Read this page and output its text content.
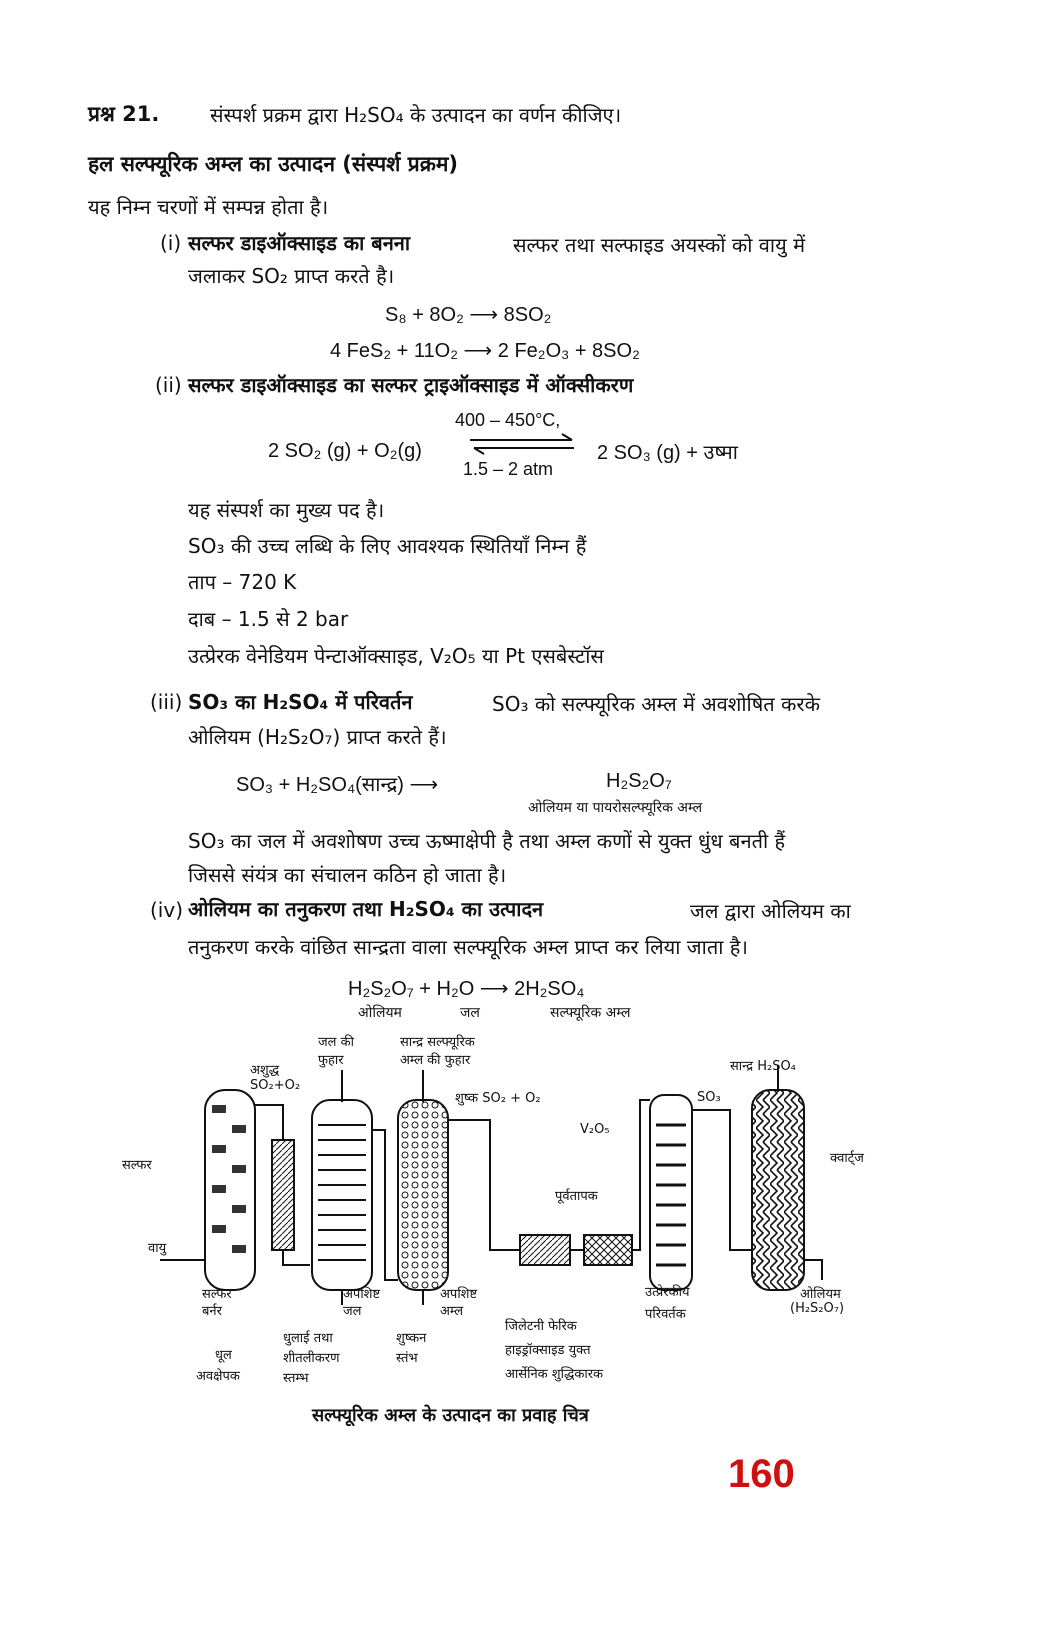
प्रश्न 21.	संस्पर्श प्रक्रम द्वारा H₂SO₄ के उत्पादन का वर्णन कीजिए।
हल सल्फ्यूरिक अम्ल का उत्पादन (संस्पर्श प्रक्रम)
यह निम्न चरणों में सम्पन्न होता है।
(i) सल्फर डाइऑक्साइड का बनना	सल्फर तथा सल्फाइड अयस्कों को वायु में
जलाकर SO₂ प्राप्त करते है।
S₈ + 8O₂ ⟶ 8SO₂
4 FeS₂ + 11O₂ ⟶ 2 Fe₂O₃ + 8SO₂
(ii) सल्फर डाइऑक्साइड का सल्फर ट्राइऑक्साइड में ऑक्सीकरण
2 SO₂ (g) + O₂(g)
400 – 450°C,
1.5 – 2 atm
2 SO₃ (g) + उष्मा
यह संस्पर्श का मुख्य पद है।
SO₃ की उच्च लब्धि के लिए आवश्यक स्थितियाँ निम्न हैं
ताप – 720 K
दाब – 1.5 से 2 bar
उत्प्रेरक वेनेडियम पेन्टाऑक्साइड, V₂O₅ या Pt एसबेस्टॉस
(iii) SO₃ का H₂SO₄ में परिवर्तन	SO₃ को सल्फ्यूरिक अम्ल में अवशोषित करके
ओलियम (H₂S₂O₇) प्राप्त करते हैं।
SO₃ + H₂SO₄(सान्द्र) ⟶	H₂S₂O₇
ओलियम या पायरोसल्फ्यूरिक अम्ल
SO₃ का जल में अवशोषण उच्च ऊष्माक्षेपी है तथा अम्ल कणों से युक्त धुंध बनती हैं
जिससे संयंत्र का संचालन कठिन हो जाता है।
(iv) ओलियम का तनुकरण तथा H₂SO₄ का उत्पादन	जल द्वारा ओलियम का
तनुकरण करके वांछित सान्द्रता वाला सल्फ्यूरिक अम्ल प्राप्त कर लिया जाता है।
H₂S₂O₇ + H₂O ⟶ 2H₂SO₄
ओलियम	जल	सल्फ्यूरिक अम्ल
सल्फर
वायु
अशुद्ध
SO₂+O₂
जल की
फुहार
सान्द्र सल्फ्यूरिक
अम्ल की फुहार
शुष्क SO₂ + O₂
V₂O₅
SO₃
सान्द्र H₂SO₄
क्वार्ट्ज
पूर्वतापक
सल्फर
बर्नर
धूल
अवक्षेपक
अपशिष्ट
जल
अपशिष्ट
अम्ल
धुलाई तथा
शीतलीकरण
स्तम्भ
शुष्कन
स्तंभ
जिलेटनी फेरिक
हाइड्रॉक्साइड युक्त
आर्सेनिक शुद्धिकारक
उत्प्रेरकीय
परिवर्तक
ओलियम
(H₂S₂O₇)
सल्फ्यूरिक अम्ल के उत्पादन का प्रवाह चित्र
160
